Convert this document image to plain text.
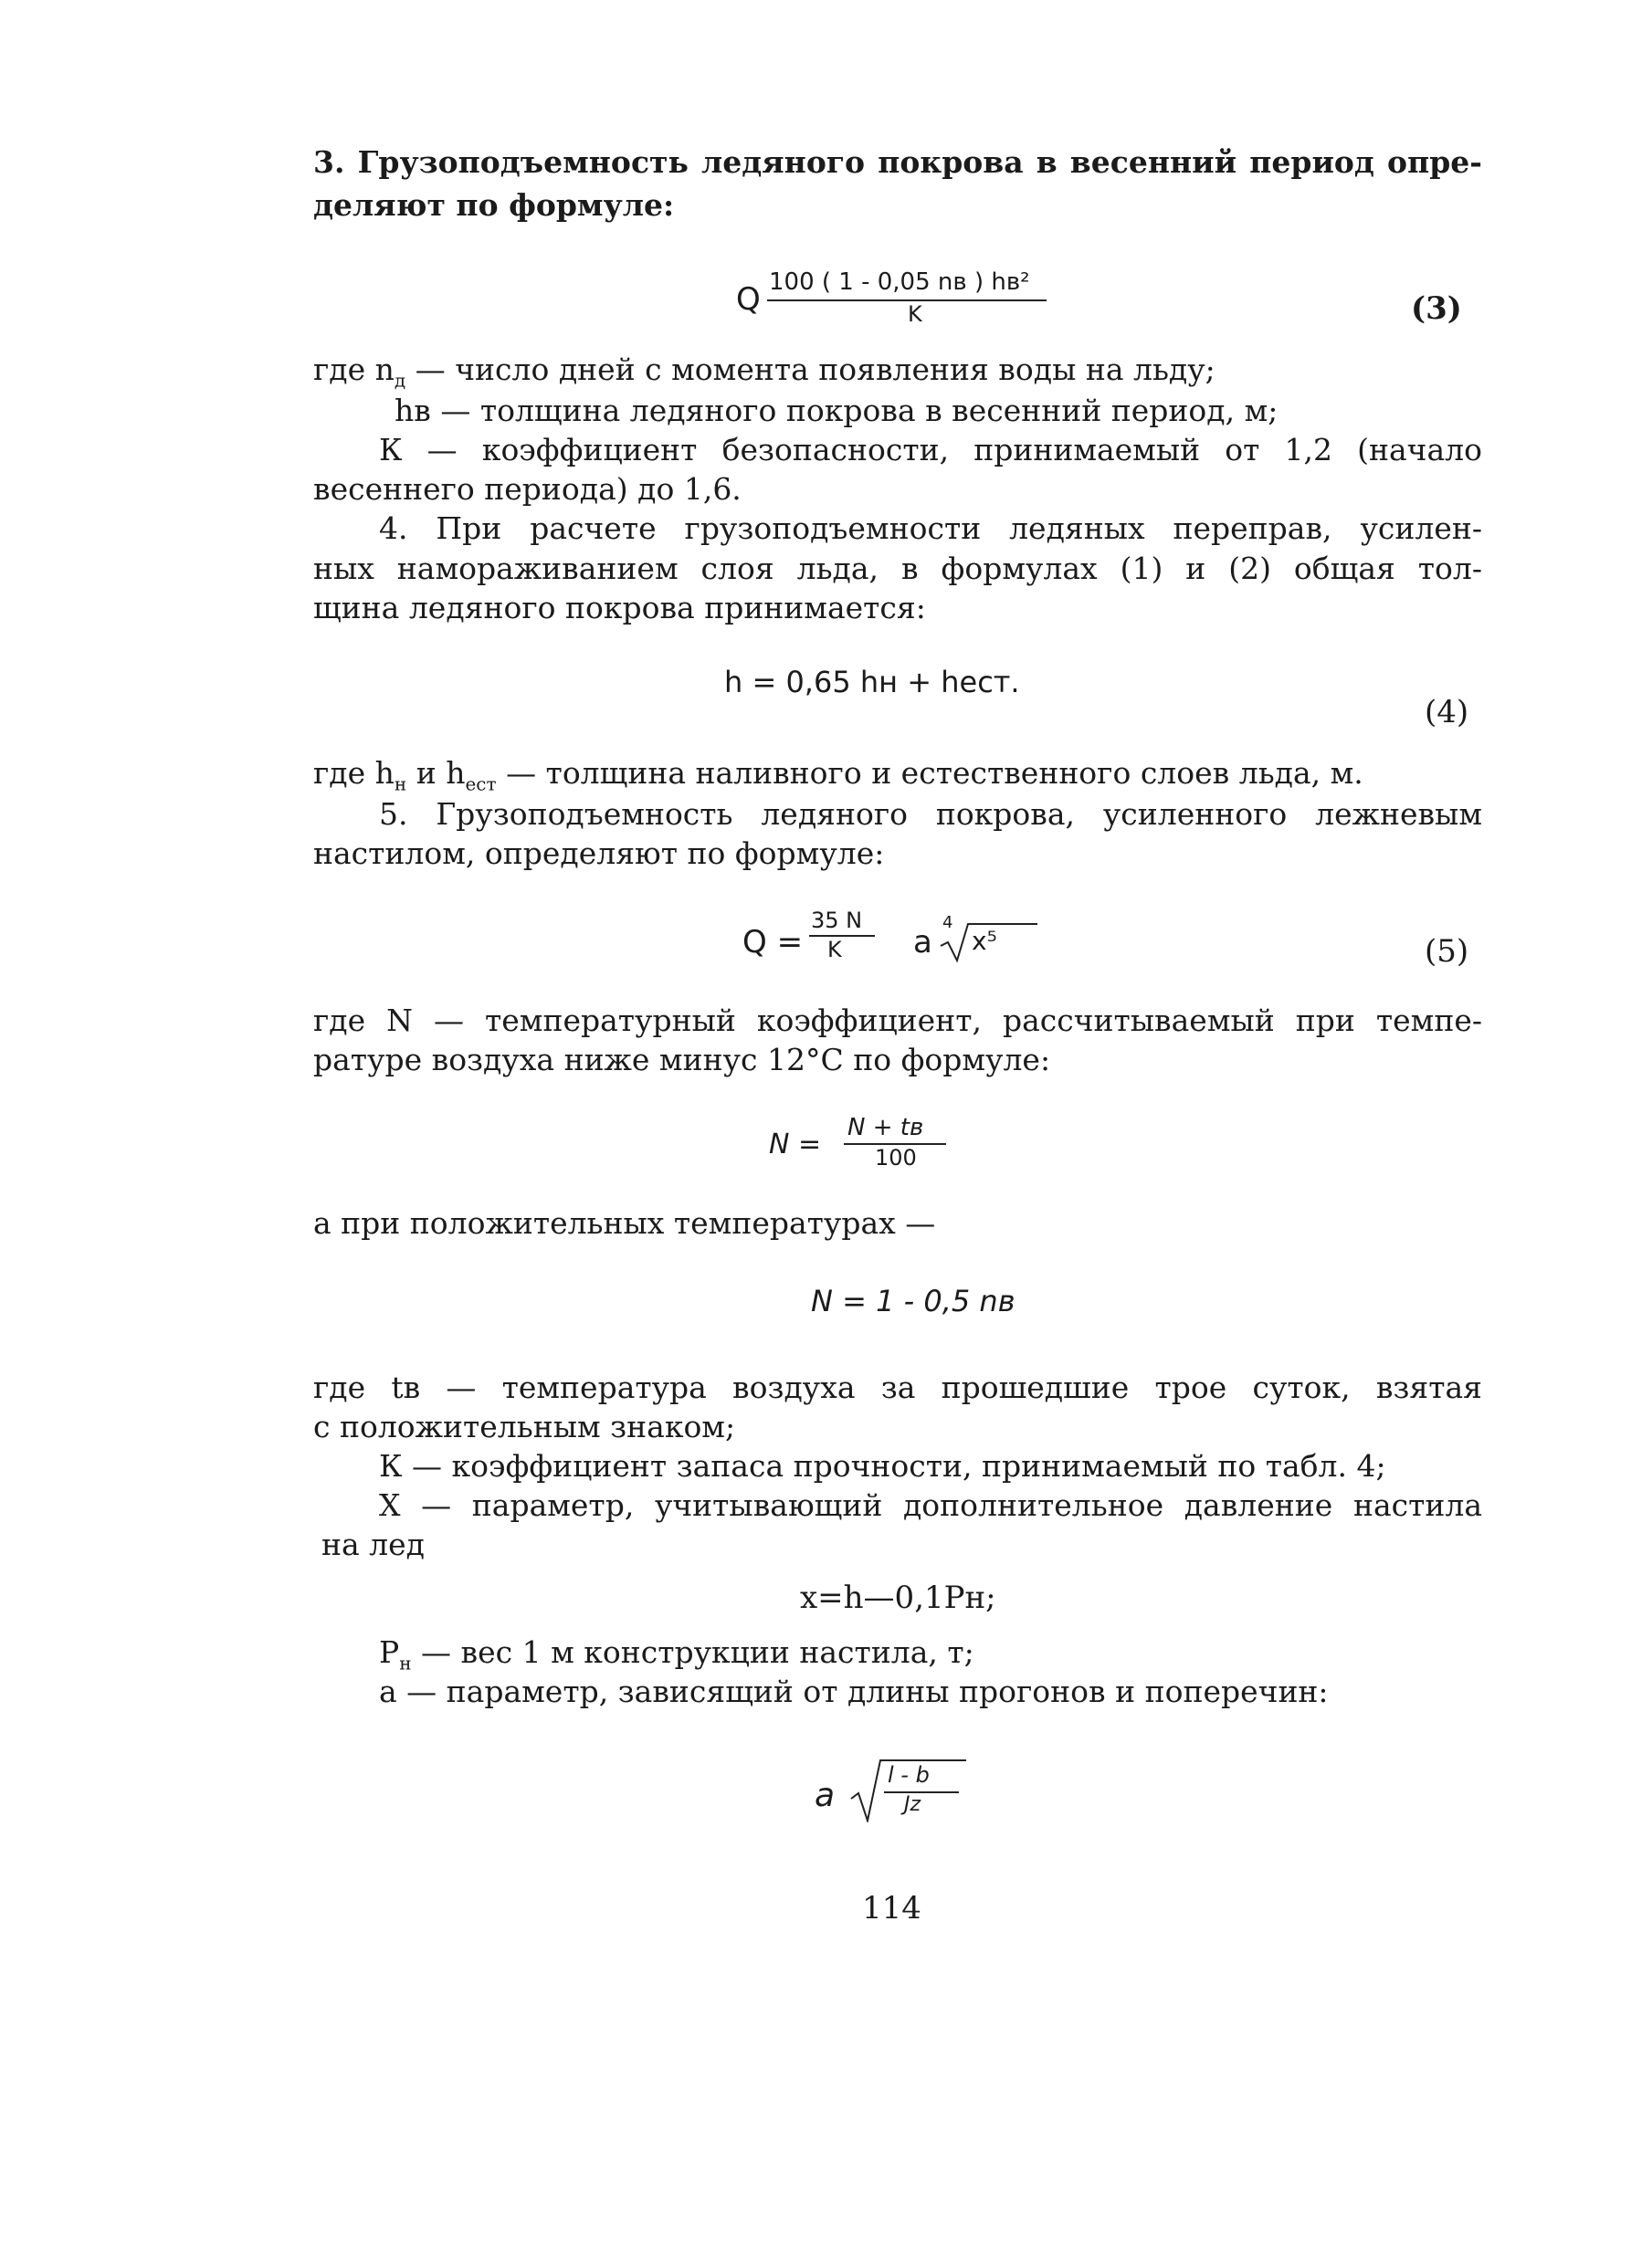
3. Грузоподъемность ледяного покрова в весенний период опре-

деляют по формуле:

Q 100 ( 1 - 0,05 nв ) hв²
K	(3)

где $n_д$ — число дней с момента появления воды на льду;

hв — толщина ледяного покрова в весенний период, м;

К — коэффициент безопасности, принимаемый от 1,2 (начало

весеннего периода) до 1,6.

4. При расчете грузоподъемности ледяных переправ, усилен-

ных намораживанием слоя льда, в формулах (1) и (2) общая тол-

щина ледяного покрова принимается:

h = 0,65 hн + hест.
(4)

где $h_н$ и $h_{ест}$ — толщина наливного и естественного слоев льда, м.

5. Грузоподъемность ледяного покрова, усиленного лежневым

настилом, определяют по формуле:

Q =
35 N
K a
4
x⁵	(5)

где N — температурный коэффициент, рассчитываемый при темпе-

ратуре воздуха ниже минус 12°С по формуле:

N =
N + tв
100

а при положительных температурах —

N = 1 - 0,5 nв

где tв — температура воздуха за прошедшие трое суток, взятая

с положительным знаком;

К — коэффициент запаса прочности, принимаемый по табл. 4;

Х — параметр, учитывающий дополнительное давление настила

на лед

x=h—0,1Pн;

$Р_н$ — вес 1 м конструкции настила, т;

а — параметр, зависящий от длины прогонов и поперечин:

a
l - b
Jz
114
